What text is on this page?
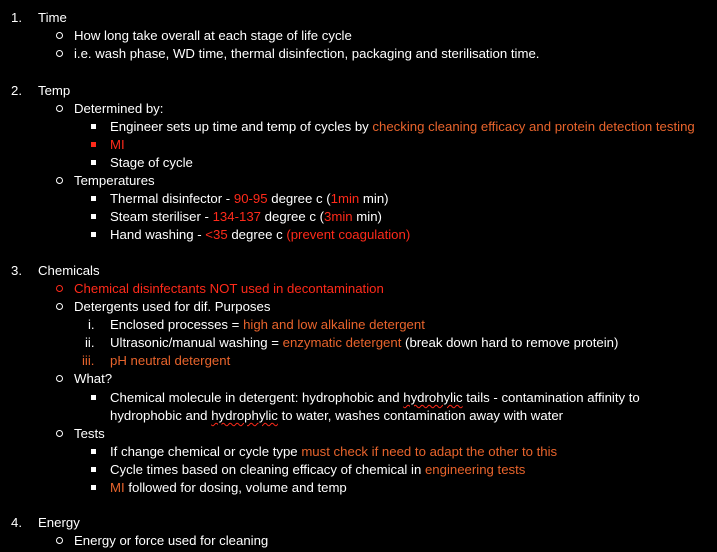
1. Time
How long take overall at each stage of life cycle
i.e. wash phase, WD time, thermal disinfection, packaging and sterilisation time.
2. Temp
Determined by:
Engineer sets up time and temp of cycles by checking cleaning efficacy and protein detection testing
MI
Stage of cycle
Temperatures
Thermal disinfector - 90-95 degree c (1min min)
Steam steriliser - 134-137 degree c (3min min)
Hand washing - <35 degree c (prevent coagulation)
3. Chemicals
Chemical disinfectants NOT used in decontamination
Detergents used for dif. Purposes
i. Enclosed processes = high and low alkaline detergent
ii. Ultrasonic/manual washing = enzymatic detergent (break down hard to remove protein)
iii. pH neutral detergent
What?
Chemical molecule in detergent: hydrophobic and hydrohylic tails - contamination affinity to
hydrophobic and hydrophylic to water, washes contamination away with water
Tests
If change chemical or cycle type must check if need to adapt the other to this
Cycle times based on cleaning efficacy of chemical in engineering tests
MI followed for dosing, volume and temp
4. Energy
Energy or force used for cleaning
